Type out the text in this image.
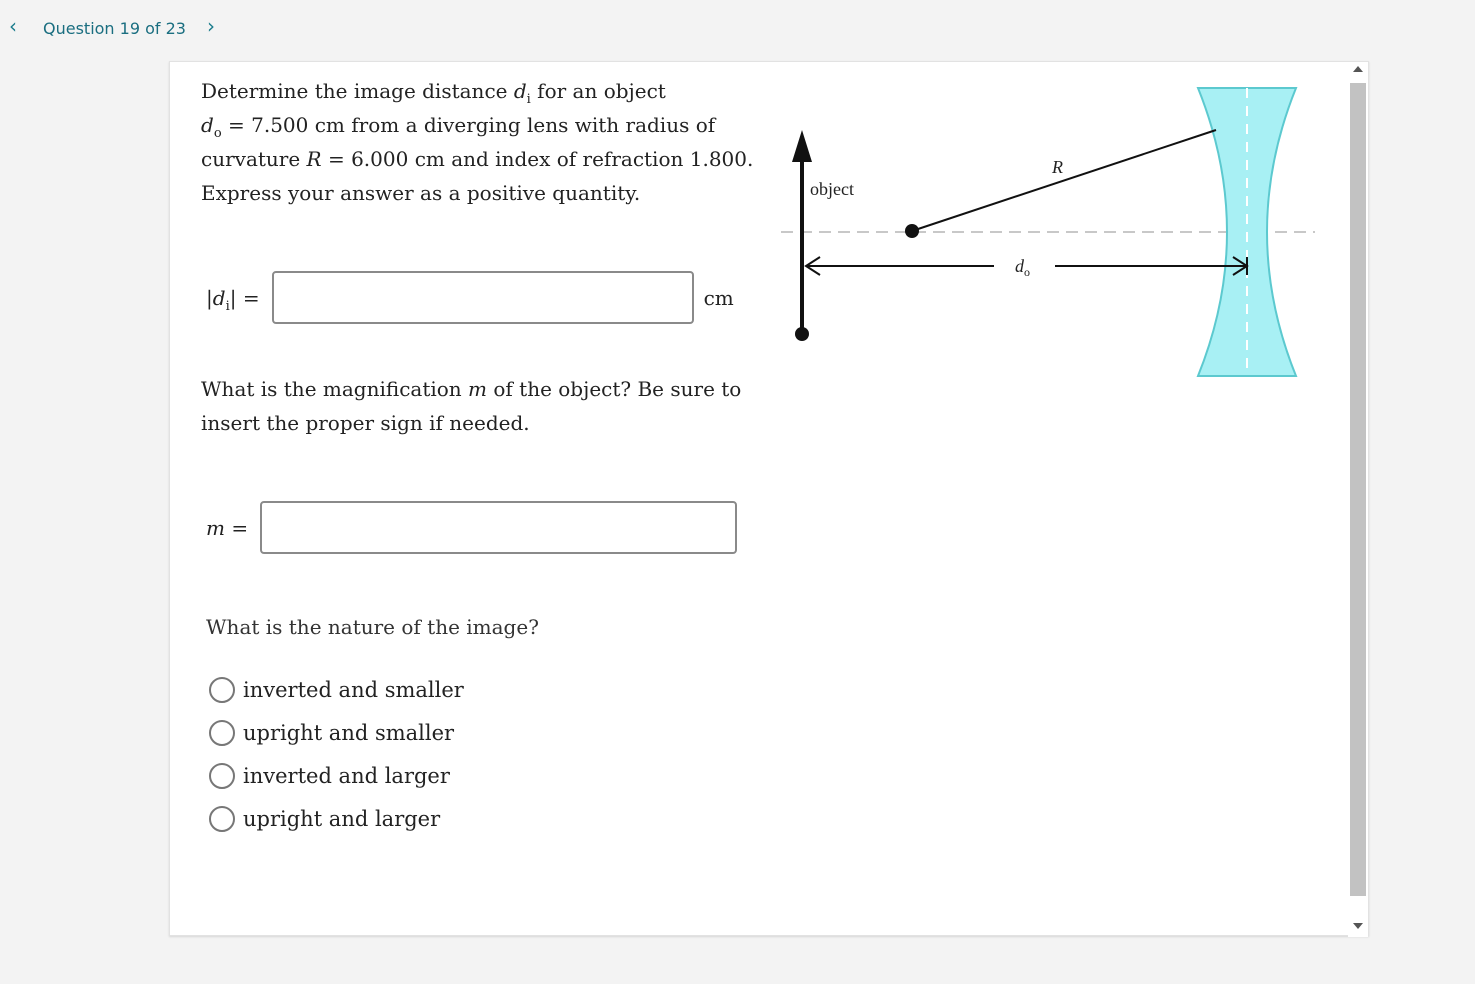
‹	Question 19 of 23	›

Determine the image distance $d_i$ for an object

$d_o = 7.500$ cm from a diverging lens with radius of

curvature R = 6.000 cm and index of refraction 1.800.

Express your answer as a positive quantity.

$|d_i|$ =	cm
What is the magnification m of the object? Be sure to insert the proper sign if needed.
m =
What is the nature of the image?
inverted and smaller
upright and smaller
inverted and larger
upright and larger
R
object
$d_o$
